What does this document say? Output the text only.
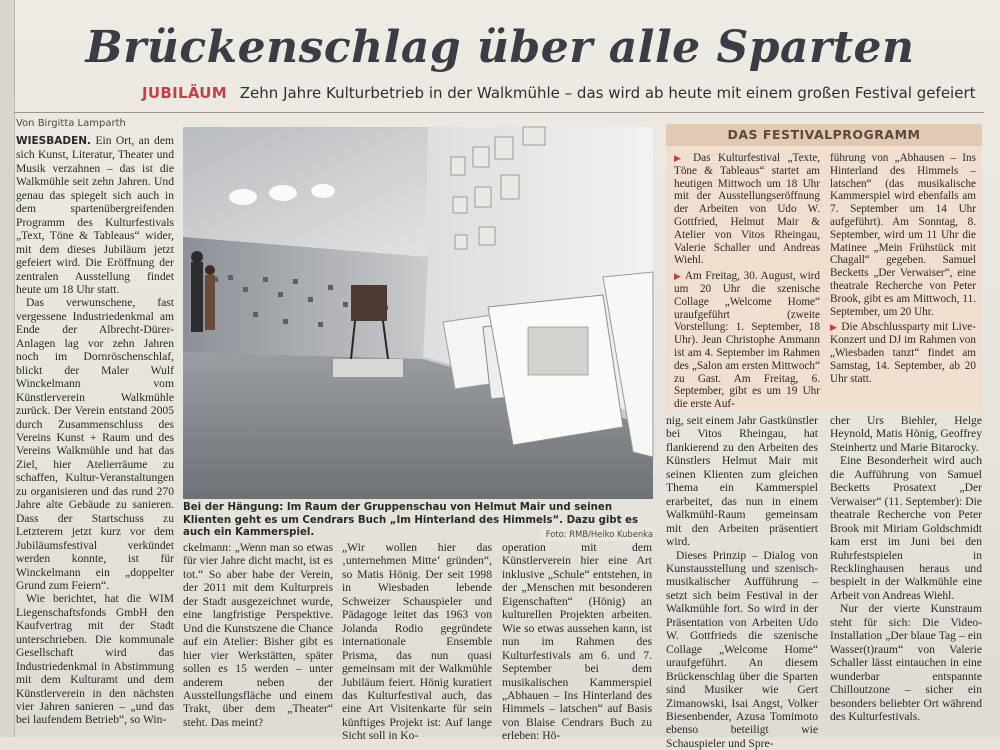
Brückenschlag über alle Sparten
JUBILÄUM Zehn Jahre Kulturbetrieb in der Walkmühle – das wird ab heute mit einem großen Festival gefeiert
Von Birgitta Lamparth

WIESBADEN. Ein Ort, an dem sich Kunst, Literatur, Theater und Musik verzahnen – das ist die Walkmühle seit zehn Jahren. Und genau das spiegelt sich auch in dem spartenübergreifenden Programm des Kulturfestivals „Text, Töne & Tableaus“ wider, mit dem dieses Jubiläum jetzt gefeiert wird. Die Eröffnung der zentralen Ausstellung findet heute um 18 Uhr statt.

Das verwunschene, fast vergessene Industriedenkmal am Ende der Albrecht-Dürer-Anlagen lag vor zehn Jahren noch im Dornröschenschlaf, blickt der Maler Wulf Winckelmann vom Künstlerverein Walkmühle zurück. Der Verein entstand 2005 durch Zusammenschluss des Vereins Kunst + Raum und des Vereins Walkmühle und hat das Ziel, hier Atelierräume zu schaffen, Kultur-Veranstaltungen zu organisieren und das rund 270 Jahre alte Gebäude zu sanieren. Dass der Startschuss zu Letzterem jetzt kurz vor dem Jubiläumsfestival verkündet werden konnte, ist für Winckelmann ein „doppelter Grund zum Feiern“.

Wie berichtet, hat die WIM Liegenschaftsfonds GmbH den Kaufvertrag mit der Stadt unterschrieben. Die kommunale Gesellschaft wird das Industriedenkmal in Abstimmung mit dem Kulturamt und dem Künstlerverein in den nächsten vier Jahren sanieren – „und das bei laufendem Betrieb“, so Win-

Bei der Hängung: Im Raum der Gruppenschau von Helmut Mair und seinen Klienten geht es um Cendrars Buch „Im Hinterland des Himmels“. Dazu gibt es auch ein Kammerspiel.	Foto: RMB/Heiko Kubenka

ckelmann: „Wenn man so etwas für vier Jahre dicht macht, ist es tot.“ So aber habe der Verein, der 2011 mit dem Kulturpreis der Stadt ausgezeichnet wurde, eine langfristige Perspektive. Und die Kunstszene die Chance auf ein Atelier: Bisher gibt es hier vier Werkstätten, später sollen es 15 werden – unter anderem neben der Ausstellungsfläche und einem Trakt, über dem „Theater“ steht. Das meint?

„Wir wollen hier das ‚unternehmen Mitte‘ gründen“, so Matis Hönig. Der seit 1998 in Wiesbaden lebende Schweizer Schauspieler und Pädagoge leitet das 1963 von Jolanda Rodio gegründete internationale Ensemble Prisma, das nun quasi gemeinsam mit der Walkmühle Jubiläum feiert. Hönig kuratiert das Kulturfestival auch, das eine Art Visitenkarte für sein künftiges Projekt ist: Auf lange Sicht soll in Ko-

operation mit dem Künstlerverein hier eine Art inklusive „Schule“ entstehen, in der „Menschen mit besonderen Eigenschaften“ (Hönig) an kulturellen Projekten arbeiten. Wie so etwas aussehen kann, ist nun im Rahmen des Kulturfestivals am 6. und 7. September bei dem musikalischen Kammerspiel „Abhauen – Ins Hinterland des Himmels – latschen“ auf Basis von Blaise Cendrars Buch zu erleben: Hö-

DAS FESTIVALPROGRAMM

▶ Das Kulturfestival „Texte, Töne & Tableaus“ startet am heutigen Mittwoch um 18 Uhr mit der Ausstellungseröffnung der Arbeiten von Udo W. Gottfried, Helmut Mair & Atelier von Vitos Rheingau, Valerie Schaller und Andreas Wiehl.

▶ Am Freitag, 30. August, wird um 20 Uhr die szenische Collage „Welcome Home“ uraufgeführt (zweite Vorstellung: 1. September, 18 Uhr). Jean Christophe Ammann ist am 4. September im Rahmen des „Salon am ersten Mittwoch“ zu Gast. Am Freitag, 6. September, gibt es um 19 Uhr die erste Auf-

führung von „Abhausen – Ins Hinterland des Himmels – latschen“ (das musikalische Kammerspiel wird ebenfalls am 7. September um 14 Uhr aufgeführt). Am Sonntag, 8. September, wird um 11 Uhr die Matinee „Mein Frühstück mit Chagall“ gegeben. Samuel Becketts „Der Verwaiser“, eine theatrale Recherche von Peter Brook, gibt es am Mittwoch, 11. September, um 20 Uhr.

▶ Die Abschlussparty mit Live-Konzert und DJ im Rahmen von „Wiesbaden tanzt“ findet am Samstag, 14. September, ab 20 Uhr statt.

nig, seit einem Jahr Gastkünstler bei Vitos Rheingau, hat flankierend zu den Arbeiten des Künstlers Helmut Mair mit seinen Klienten zum gleichen Thema ein Kammerspiel erarbeitet, das nun in einem Walkmühl-Raum gemeinsam mit den Arbeiten präsentiert wird.

Dieses Prinzip – Dialog von Kunstausstellung und szenisch-musikalischer Aufführung – setzt sich beim Festival in der Walkmühle fort. So wird in der Präsentation von Arbeiten Udo W. Gottfrieds die szenische Collage „Welcome Home“ uraufgeführt. An diesem Brückenschlag über die Sparten sind Musiker wie Gert Zimanowski, Isai Angst, Volker Biesenbender, Azusa Tomimoto ebenso beteiligt wie Schauspieler und Spre-

cher Urs Biehler, Helge Heynold, Matis Hönig, Geoffrey Steinhertz und Marie Bitarocky.

Eine Besonderheit wird auch die Aufführung von Samuel Becketts Prosatext „Der Verwaiser“ (11. September): Die theatrale Recherche von Peter Brook mit Miriam Goldschmidt kam erst im Juni bei den Ruhrfestspielen in Recklinghausen heraus und bespielt in der Walkmühle eine Arbeit von Andreas Wiehl.

Nur der vierte Kunstraum steht für sich: Die Video-Installation „Der blaue Tag – ein Wasser(t)raum“ von Valerie Schaller lässt eintauchen in eine wunderbar entspannte Chilloutzone – sicher ein besonders beliebter Ort während des Kulturfestivals.
